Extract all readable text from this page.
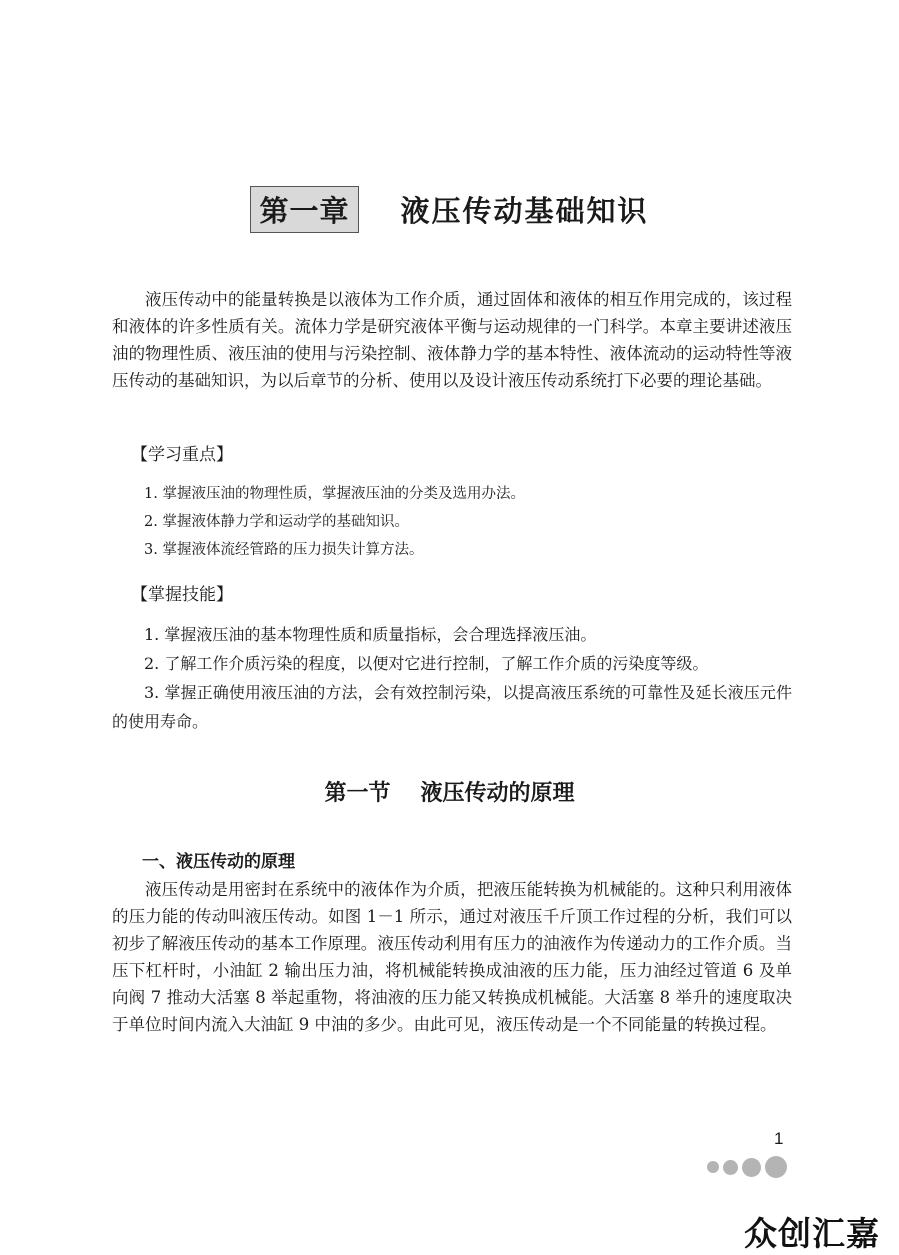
第一章	液压传动基础知识

液压传动中的能量转换是以液体为工作介质，通过固体和液体的相互作用完成的，该过程和液体的许多性质有关。流体力学是研究液体平衡与运动规律的一门科学。本章主要讲述液压油的物理性质、液压油的使用与污染控制、液体静力学的基本特性、液体流动的运动特性等液压传动的基础知识，为以后章节的分析、使用以及设计液压传动系统打下必要的理论基础。

【学习重点】

1. 掌握液压油的物理性质，掌握液压油的分类及选用办法。
2. 掌握液体静力学和运动学的基础知识。
3. 掌握液体流经管路的压力损失计算方法。

【掌握技能】

1. 掌握液压油的基本物理性质和质量指标，会合理选择液压油。
2. 了解工作介质污染的程度，以便对它进行控制，了解工作介质的污染度等级。
3. 掌握正确使用液压油的方法，会有效控制污染，以提高液压系统的可靠性及延长液压元件的使用寿命。
第一节 液压传动的原理
一、液压传动的原理

液压传动是用密封在系统中的液体作为介质，把液压能转换为机械能的。这种只利用液体的压力能的传动叫液压传动。如图 1－1 所示，通过对液压千斤顶工作过程的分析，我们可以初步了解液压传动的基本工作原理。液压传动利用有压力的油液作为传递动力的工作介质。当压下杠杆时，小油缸 2 输出压力油，将机械能转换成油液的压力能，压力油经过管道 6 及单向阀 7 推动大活塞 8 举起重物，将油液的压力能又转换成机械能。大活塞 8 举升的速度取决于单位时间内流入大油缸 9 中油的多少。由此可见，液压传动是一个不同能量的转换过程。

1
众创汇嘉
